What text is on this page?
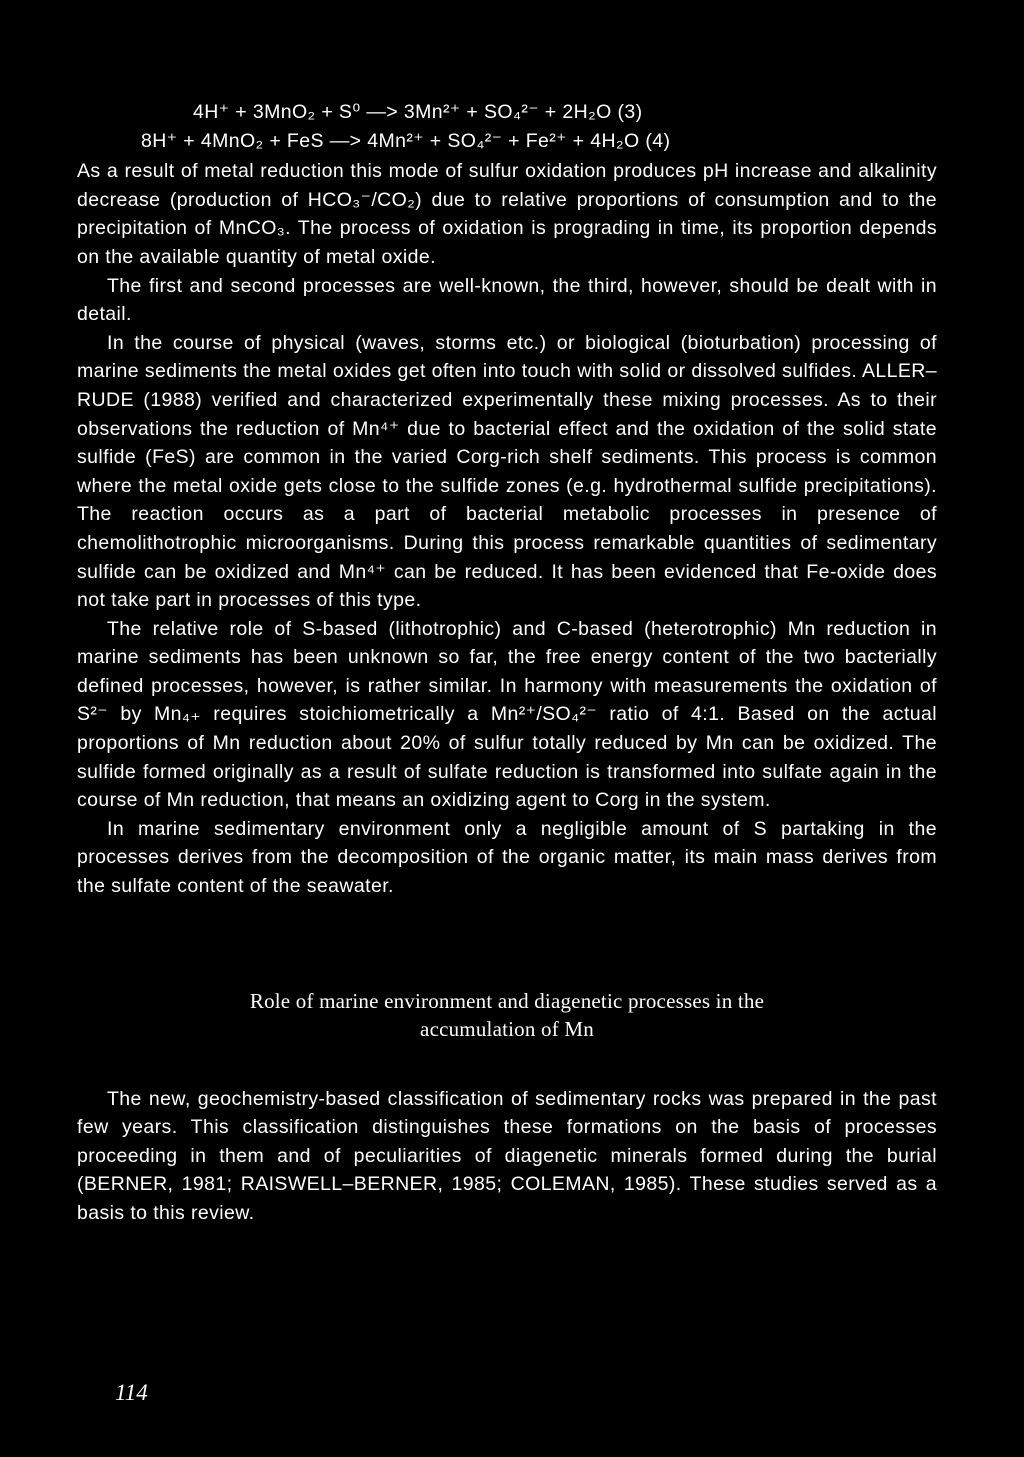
4H⁺ + 3MnO₂ + S⁰ —> 3Mn²⁺ + SO₄²⁻ + 2H₂O (3)
8H⁺ + 4MnO₂ + FeS —> 4Mn²⁺ + SO₄²⁻ + Fe²⁺ + 4H₂O (4)

As a result of metal reduction this mode of sulfur oxidation produces pH increase and alkalinity decrease (production of HCO₃⁻/CO₂) due to relative proportions of consumption and to the precipitation of MnCO₃. The process of oxidation is prograding in time, its proportion depends on the available quantity of metal oxide.

The first and second processes are well-known, the third, however, should be dealt with in detail.

In the course of physical (waves, storms etc.) or biological (bioturbation) processing of marine sediments the metal oxides get often into touch with solid or dissolved sulfides. ALLER–RUDE (1988) verified and characterized experimentally these mixing processes. As to their observations the reduction of Mn⁴⁺ due to bacterial effect and the oxidation of the solid state sulfide (FeS) are common in the varied Corg-rich shelf sediments. This process is common where the metal oxide gets close to the sulfide zones (e.g. hydrothermal sulfide precipitations). The reaction occurs as a part of bacterial metabolic processes in presence of chemolithotrophic microorganisms. During this process remarkable quantities of sedimentary sulfide can be oxidized and Mn⁴⁺ can be reduced. It has been evidenced that Fe-oxide does not take part in processes of this type.

The relative role of S-based (lithotrophic) and C-based (heterotrophic) Mn reduction in marine sediments has been unknown so far, the free energy content of the two bacterially defined processes, however, is rather similar. In harmony with measurements the oxidation of S²⁻ by Mn₄₊ requires stoichiometrically a Mn²⁺/SO₄²⁻ ratio of 4:1. Based on the actual proportions of Mn reduction about 20% of sulfur totally reduced by Mn can be oxidized. The sulfide formed originally as a result of sulfate reduction is transformed into sulfate again in the course of Mn reduction, that means an oxidizing agent to Corg in the system.

In marine sedimentary environment only a negligible amount of S partaking in the processes derives from the decomposition of the organic matter, its main mass derives from the sulfate content of the seawater.

Role of marine environment and diagenetic processes in the
accumulation of Mn

The new, geochemistry-based classification of sedimentary rocks was prepared in the past few years. This classification distinguishes these formations on the basis of processes proceeding in them and of peculiarities of diagenetic minerals formed during the burial (BERNER, 1981; RAISWELL–BERNER, 1985; COLEMAN, 1985). These studies served as a basis to this review.

114
